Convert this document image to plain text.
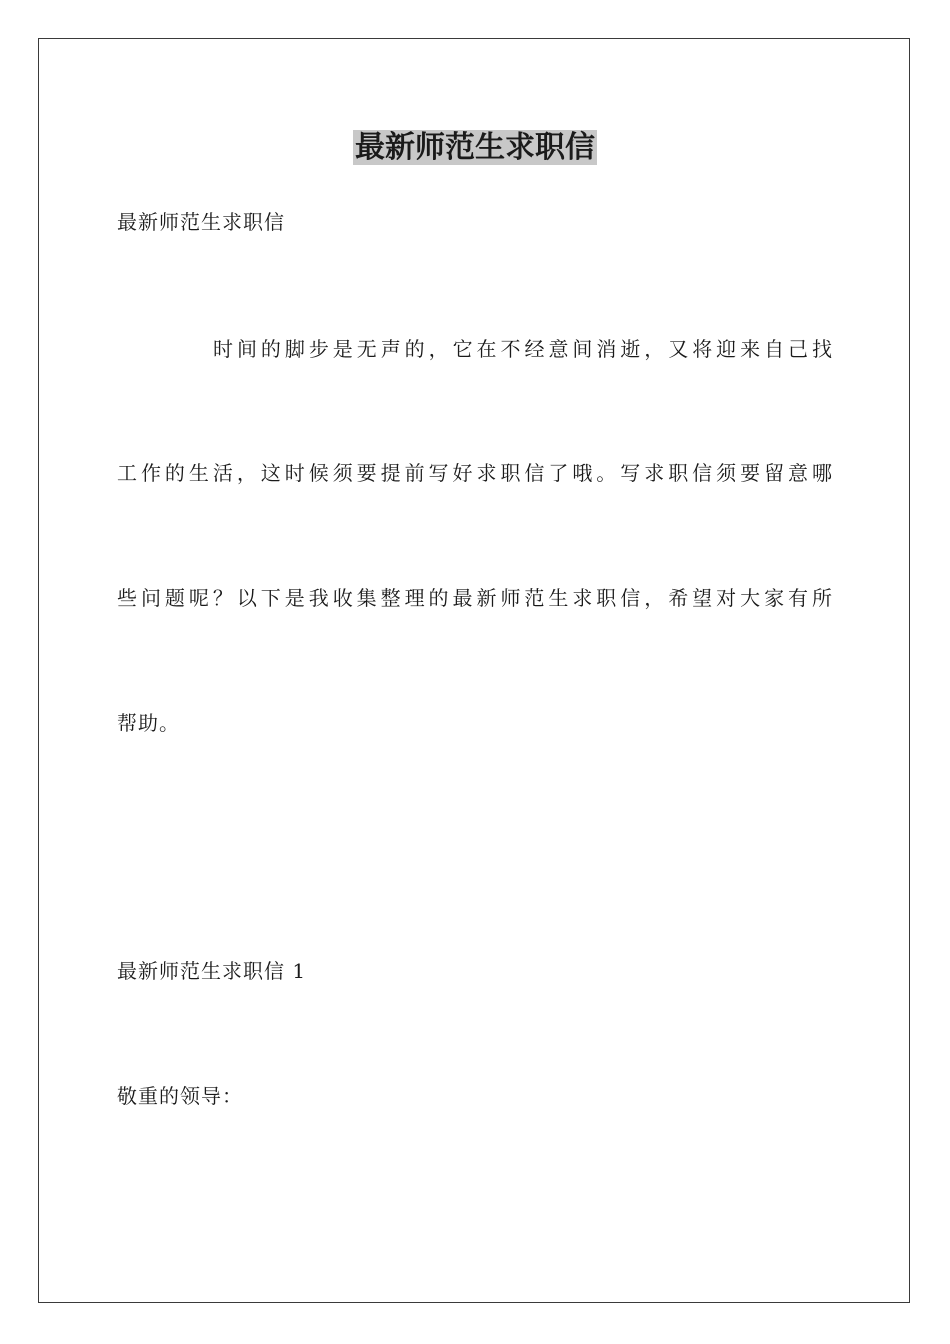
最新师范生求职信

最新师范生求职信

时间的脚步是无声的，它在不经意间消逝，又将迎来自己找

工作的生活，这时候须要提前写好求职信了哦。写求职信须要留意哪

些问题呢？以下是我收集整理的最新师范生求职信，希望对大家有所

帮助。

最新师范生求职信 1

敬重的领导：
